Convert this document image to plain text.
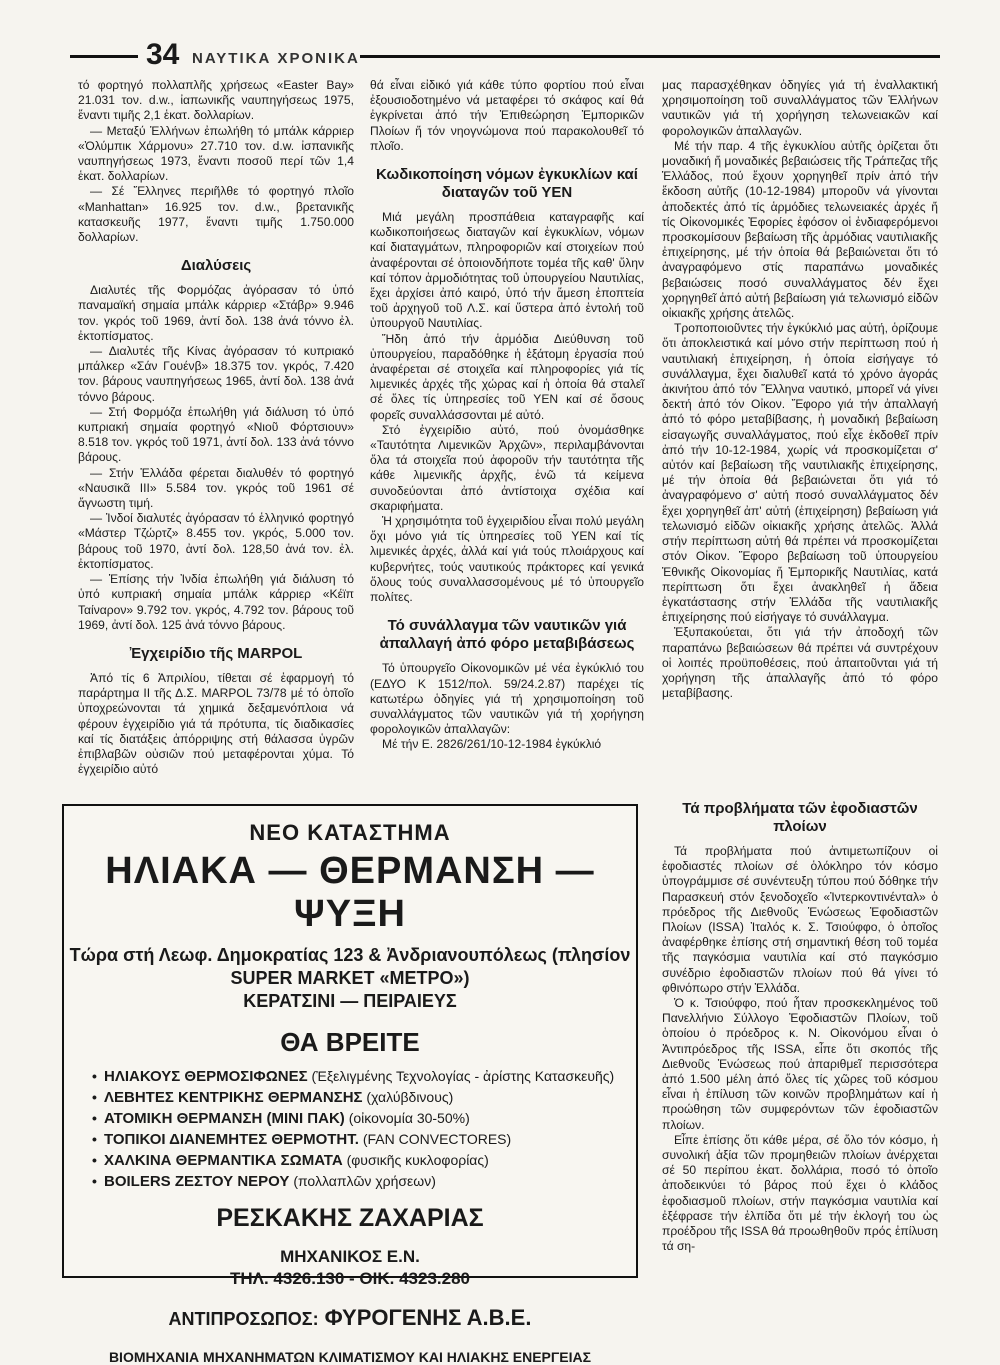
34 ΝΑΥΤΙΚΑ ΧΡΟΝΙΚΑ

τό φορτηγό πολλαπλῆς χρήσεως «Easter Bay» 21.031 τον. d.w., ἰαπωνικῆς ναυπηγήσεως 1975, ἔναντι τιμῆς 2,1 ἑκατ. δολλαρίων.

— Μεταξύ Ἑλλήνων ἐπωλήθη τό μπάλκ κάρριερ «Ὀλύμπικ Χάρμονυ» 27.710 τον. d.w. ἰσπανικῆς ναυπηγήσεως 1973, ἔναντι ποσοῦ περί τῶν 1,4 ἑκατ. δολλαρίων.

— Σέ Ἕλληνες περιῆλθε τό φορτηγό πλοῖο «Manhattan» 16.925 τον. d.w., βρετανικῆς κατασκευῆς 1977, ἔναντι τιμῆς 1.750.000 δολλαρίων.

Διαλύσεις

Διαλυτές τῆς Φορμόζας ἀγόρασαν τό ὑπό παναμαϊκή σημαία μπάλκ κάρριερ «Στάβρ» 9.946 τον. γκρός τοῦ 1969, ἀντί δολ. 138 ἀνά τόννο ἐλ. ἐκτοπίσματος.

— Διαλυτές τῆς Κίνας ἀγόρασαν τό κυπριακό μπάλκερ «Σάν Γουένβ» 18.375 τον. γκρός, 7.420 τον. βάρους ναυπηγήσεως 1965, ἀντί δολ. 138 ἀνά τόννο βάρους.

— Στή Φορμόζα ἐπωλήθη γιά διάλυση τό ὑπό κυπριακή σημαία φορτηγό «Νιοῦ Φόρτσιουν» 8.518 τον. γκρός τοῦ 1971, ἀντί δολ. 133 ἀνά τόννο βάρους.

— Στήν Ἑλλάδα φέρεται διαλυθέν τό φορτηγό «Ναυσικᾶ ΙΙΙ» 5.584 τον. γκρός τοῦ 1961 σέ ἄγνωστη τιμή.

— Ἰνδοί διαλυτές ἀγόρασαν τό ἑλληνικό φορτηγό «Μάστερ Τζώρτζ» 8.455 τον. γκρός, 5.000 τον. βάρους τοῦ 1970, ἀντί δολ. 128,50 ἀνά τον. ἐλ. ἐκτοπίσματος.

— Ἐπίσης τήν Ἰνδία ἐπωλήθη γιά διάλυση τό ὑπό κυπριακή σημαία μπάλκ κάρριερ «Κέϊπ Ταίναρον» 9.792 τον. γκρός, 4.792 τον. βάρους τοῦ 1969, ἀντί δολ. 125 ἀνά τόννο βάρους.

Ἐγχειρίδιο τῆς MARPOL

Ἀπό τίς 6 Ἀπριλίου, τίθεται σέ ἐφαρμογή τό παράρτημα ΙΙ τῆς Δ.Σ. MARPOL 73/78 μέ τό ὁποῖο ὑποχρεώνονται τά χημικά δεξαμενόπλοια νά φέρουν ἐγχειρίδιο γιά τά πρότυπα, τίς διαδικασίες καί τίς διατάξεις ἀπόρριψης στή θάλασσα ὑγρῶν ἐπιβλαβῶν οὐσιῶν πού μεταφέρονται χύμα. Τό ἐγχειρίδιο αὐτό

θά εἶναι εἰδικό γιά κάθε τύπο φορτίου πού εἶναι ἐξουσιοδοτημένο νά μεταφέρει τό σκάφος καί θά ἐγκρίνεται ἀπό τήν Ἐπιθεώρηση Ἐμπορικῶν Πλοίων ἤ τόν νηογνώμονα πού παρακολουθεῖ τό πλοῖο.

Κωδικοποίηση νόμων ἐγκυκλίων καί διαταγῶν τοῦ ΥΕΝ

Μιά μεγάλη προσπάθεια καταγραφῆς καί κωδικοποιήσεως διαταγῶν καί ἐγκυκλίων, νόμων καί διαταγμάτων, πληροφοριῶν καί στοιχείων πού ἀναφέρονται σέ ὁποιονδήποτε τομέα τῆς καθ' ὕλην καί τόπον ἁρμοδιότητας τοῦ ὑπουργείου Ναυτιλίας, ἔχει ἀρχίσει ἀπό καιρό, ὑπό τήν ἄμεση ἐποπτεία τοῦ ἀρχηγοῦ τοῦ Λ.Σ. καί ὕστερα ἀπό ἐντολή τοῦ ὑπουργοῦ Ναυτιλίας.

Ἤδη ἀπό τήν ἁρμόδια Διεύθυνση τοῦ ὑπουργείου, παραδόθηκε ἡ ἐξάτομη ἐργασία πού ἀναφέρεται σέ στοιχεῖα καί πληροφορίες γιά τίς λιμενικές ἀρχές τῆς χώρας καί ἡ ὁποία θά σταλεῖ σέ ὅλες τίς ὑπηρεσίες τοῦ ΥΕΝ καί σέ ὅσους φορεῖς συναλλάσσονται μέ αὐτό.

Στό ἐγχειρίδιο αὐτό, πού ὀνομάσθηκε «Ταυτότητα Λιμενικῶν Ἀρχῶν», περιλαμβάνονται ὅλα τά στοιχεῖα πού ἀφοροῦν τήν ταυτότητα τῆς κάθε λιμενικῆς ἀρχῆς, ἐνῶ τά κείμενα συνοδεύονται ἀπό ἀντίστοιχα σχέδια καί σκαριφήματα.

Ἡ χρησιμότητα τοῦ ἐγχειριδίου εἶναι πολύ μεγάλη ὄχι μόνο γιά τίς ὑπηρεσίες τοῦ ΥΕΝ καί τίς λιμενικές ἀρχές, ἀλλά καί γιά τούς πλοιάρχους καί κυβερνήτες, τούς ναυτικούς πράκτορες καί γενικά ὅλους τούς συναλλασσομένους μέ τό ὑπουργεῖο πολίτες.

Τό συνάλλαγμα τῶν ναυτικῶν γιά ἀπαλλαγή ἀπό φόρο μεταβιβάσεως

Τό ὑπουργεῖο Οἰκονομικῶν μέ νέα ἐγκύκλιό του (ΕΔΥΟ Κ 1512/πολ. 59/24.2.87) παρέχει τίς κατωτέρω ὁδηγίες γιά τή χρησιμοποίηση τοῦ συναλλάγματος τῶν ναυτικῶν γιά τή χορήγηση φορολογικῶν ἀπαλλαγῶν:

Μέ τήν Ε. 2826/261/10-12-1984 ἐγκύκλιό

μας παρασχέθηκαν ὁδηγίες γιά τή ἐναλλακτική χρησιμοποίηση τοῦ συναλλάγματος τῶν Ἑλλήνων ναυτικῶν γιά τή χορήγηση τελωνειακῶν καί φορολογικῶν ἀπαλλαγῶν.

Μέ τήν παρ. 4 τῆς ἐγκυκλίου αὐτῆς ὁρίζεται ὅτι μοναδική ἤ μοναδικές βεβαιώσεις τῆς Τράπεζας τῆς Ἑλλάδος, πού ἔχουν χορηγηθεῖ πρίν ἀπό τήν ἔκδοση αὐτῆς (10-12-1984) μποροῦν νά γίνονται ἀποδεκτές ἀπό τίς ἁρμόδιες τελωνειακές ἀρχές ἤ τίς Οἰκονομικές Ἐφορίες ἐφόσον οἱ ἐνδιαφερόμενοι προσκομίσουν βεβαίωση τῆς ἁρμόδιας ναυτιλιακῆς ἐπιχείρησης, μέ τήν ὁποία θά βεβαιώνεται ὅτι τό ἀναγραφόμενο στίς παραπάνω μοναδικές βεβαιώσεις ποσό συναλλάγματος δέν ἔχει χορηγηθεῖ ἀπό αὐτή βεβαίωση γιά τελωνισμό εἰδῶν οἰκιακῆς χρήσης ἀτελῶς.

Τροποποιοῦντες τήν ἐγκύκλιό μας αὐτή, ὁρίζουμε ὅτι ἀποκλειστικά καί μόνο στήν περίπτωση πού ἡ ναυτιλιακή ἐπιχείρηση, ἡ ὁποία εἰσήγαγε τό συνάλλαγμα, ἔχει διαλυθεῖ κατά τό χρόνο ἀγοράς ἀκινήτου ἀπό τόν Ἕλληνα ναυτικό, μπορεῖ νά γίνει δεκτή ἀπό τόν Οἰκον. Ἔφορο γιά τήν ἀπαλλαγή ἀπό τό φόρο μεταβίβασης, ἡ μοναδική βεβαίωση εἰσαγωγῆς συναλλάγματος, πού εἶχε ἐκδοθεῖ πρίν ἀπό τήν 10-12-1984, χωρίς νά προσκομίζεται σ' αὐτόν καί βεβαίωση τῆς ναυτιλιακῆς ἐπιχείρησης, μέ τήν ὁποία θά βεβαιώνεται ὅτι γιά τό ἀναγραφόμενο σ' αὐτή ποσό συναλλάγματος δέν ἔχει χορηγηθεῖ ἀπ' αὐτή (ἐπιχείρηση) βεβαίωση γιά τελωνισμό εἰδῶν οἰκιακῆς χρήσης ἀτελῶς. Ἀλλά στήν περίπτωση αὐτή θά πρέπει νά προσκομίζεται στόν Οἰκον. Ἔφορο βεβαίωση τοῦ ὑπουργείου Ἐθνικῆς Οἰκονομίας ἤ Ἐμπορικῆς Ναυτιλίας, κατά περίπτωση ὅτι ἔχει ἀνακληθεῖ ἡ ἄδεια ἐγκατάστασης στήν Ἑλλάδα τῆς ναυτιλιακῆς ἐπιχείρησης πού εἰσήγαγε τό συνάλλαγμα.

Ἐξυπακούεται, ὅτι γιά τήν ἀποδοχή τῶν παραπάνω βεβαιώσεων θά πρέπει νά συντρέχουν οἱ λοιπές προϋποθέσεις, πού ἀπαιτοῦνται γιά τή χορήγηση τῆς ἀπαλλαγῆς ἀπό τό φόρο μεταβίβασης.

Τά προβλήματα τῶν ἐφοδιαστῶν πλοίων

Τά προβλήματα πού ἀντιμετωπίζουν οἱ ἐφοδιαστές πλοίων σέ ὁλόκληρο τόν κόσμο ὑπογράμμισε σέ συνέντευξη τύπου πού δόθηκε τήν Παρασκευή στόν ξενοδοχεῖο «Ἰντερκοντινένταλ» ὁ πρόεδρος τῆς Διεθνοῦς Ἑνώσεως Ἐφοδιαστῶν Πλοίων (ISSA) Ἰταλός κ. Σ. Τσιούφφο, ὁ ὁποῖος ἀναφέρθηκε ἐπίσης στή σημαντική θέση τοῦ τομέα τῆς παγκόσμια ναυτιλία καί στό παγκόσμιο συνέδριο ἐφοδιαστῶν πλοίων πού θά γίνει τό φθινόπωρο στήν Ἑλλάδα.

Ὁ κ. Τσιούφφο, πού ἦταν προσκεκλημένος τοῦ Πανελλήνιο Σύλλογο Ἐφοδιαστῶν Πλοίων, τοῦ ὁποίου ὁ πρόεδρος κ. Ν. Οἰκονόμου εἶναι ὁ Ἀντιπρόεδρος τῆς ISSA, εἶπε ὅτι σκοπός τῆς Διεθνοῦς Ἑνώσεως πού ἀπαριθμεῖ περισσότερα ἀπό 1.500 μέλη ἀπό ὅλες τίς χῶρες τοῦ κόσμου εἶναι ἡ ἐπίλυση τῶν κοινῶν προβλημάτων καί ἡ προώθηση τῶν συμφερόντων τῶν ἐφοδιαστῶν πλοίων.

Εἶπε ἐπίσης ὅτι κάθε μέρα, σέ ὅλο τόν κόσμο, ἡ συνολική ἀξία τῶν προμηθειῶν πλοίων ἀνέρχεται σέ 50 περίπου ἑκατ. δολλάρια, ποσό τό ὁποῖο ἀποδεικνύει τό βάρος πού ἔχει ὁ κλάδος ἐφοδιασμοῦ πλοίων, στήν παγκόσμια ναυτιλία καί ἐξέφρασε τήν ἐλπίδα ὅτι μέ τήν ἐκλογή του ὡς προέδρου τῆς ISSA θά προωθηθοῦν πρός ἐπίλυση τά ση-

ΝΕΟ ΚΑΤΑΣΤΗΜΑ
ΗΛΙΑΚΑ — ΘΕΡΜΑΝΣΗ — ΨΥΞΗ
Τώρα στή Λεωφ. Δημοκρατίας 123 & Ἀνδριανουπόλεως (πλησίον
SUPER MARKET «ΜΕΤΡΟ»)
ΚΕΡΑΤΣΙΝΙ — ΠΕΙΡΑΙΕΥΣ
ΘΑ ΒΡΕΙΤΕ
• ΗΛΙΑΚΟΥΣ ΘΕΡΜΟΣΙΦΩΝΕΣ (Ἐξελιγμένης Τεχνολογίας - ἀρίστης Κατασκευῆς)
• ΛΕΒΗΤΕΣ ΚΕΝΤΡΙΚΗΣ ΘΕΡΜΑΝΣΗΣ (χαλύβδινους)
• ΑΤΟΜΙΚΗ ΘΕΡΜΑΝΣΗ (ΜΙΝΙ ΠΑΚ) (οἰκονομία 30-50%)
• ΤΟΠΙΚΟΙ ΔΙΑΝΕΜΗΤΕΣ ΘΕΡΜΟΤΗΤ. (FAN CONVECTORES)
• ΧΑΛΚΙΝΑ ΘΕΡΜΑΝΤΙΚΑ ΣΩΜΑΤΑ (φυσικῆς κυκλοφορίας)
• BOILERS ΖΕΣΤΟΥ ΝΕΡΟΥ (πολλαπλῶν χρήσεων)
ΡΕΣΚΑΚΗΣ ΖΑΧΑΡΙΑΣ
ΜΗΧΑΝΙΚΟΣ Ε.Ν.
ΤΗΛ. 4326.130 - ΟΙΚ. 4323.280
ΑΝΤΙΠΡΟΣΩΠΟΣ: ΦΥΡΟΓΕΝΗΣ Α.Β.Ε.
ΒΙΟΜΗΧΑΝΙΑ ΜΗΧΑΝΗΜΑΤΩΝ ΚΛΙΜΑΤΙΣΜΟΥ ΚΑΙ ΗΛΙΑΚΗΣ ΕΝΕΡΓΕΙΑΣ
